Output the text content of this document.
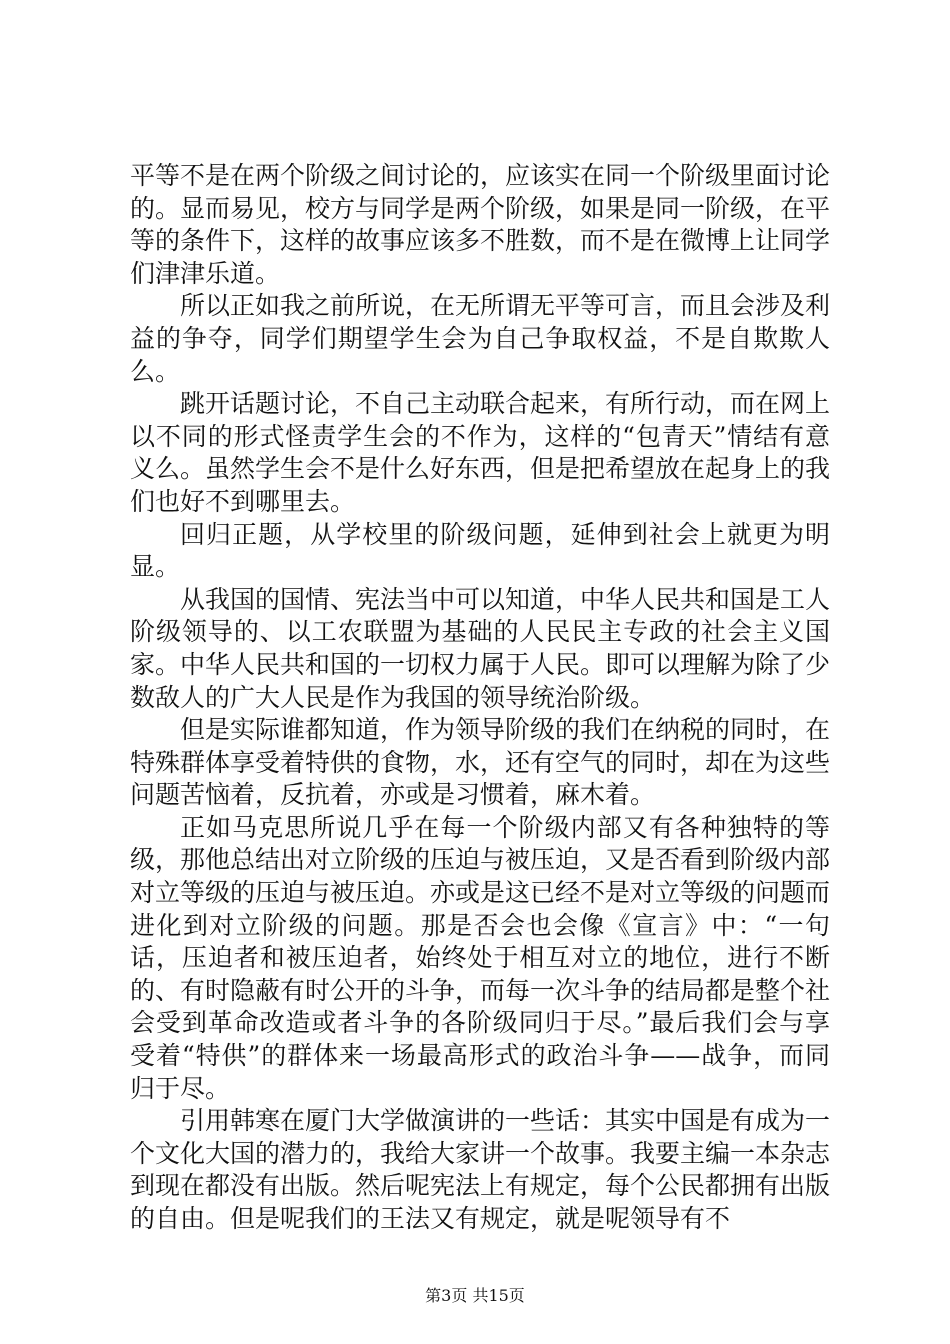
平等不是在两个阶级之间讨论的，应该实在同一个阶级里面讨论的。显而易见，校方与同学是两个阶级，如果是同一阶级，在平等的条件下，这样的故事应该多不胜数，而不是在微博上让同学们津津乐道。

所以正如我之前所说，在无所谓无平等可言，而且会涉及利益的争夺，同学们期望学生会为自己争取权益，不是自欺欺人么。

跳开话题讨论，不自己主动联合起来，有所行动，而在网上以不同的形式怪责学生会的不作为，这样的“包青天”情结有意义么。虽然学生会不是什么好东西，但是把希望放在起身上的我们也好不到哪里去。

回归正题，从学校里的阶级问题，延伸到社会上就更为明显。

从我国的国情、宪法当中可以知道，中华人民共和国是工人阶级领导的、以工农联盟为基础的人民民主专政的社会主义国家。中华人民共和国的一切权力属于人民。即可以理解为除了少数敌人的广大人民是作为我国的领导统治阶级。

但是实际谁都知道，作为领导阶级的我们在纳税的同时，在特殊群体享受着特供的食物，水，还有空气的同时，却在为这些问题苦恼着，反抗着，亦或是习惯着，麻木着。

正如马克思所说几乎在每一个阶级内部又有各种独特的等级，那他总结出对立阶级的压迫与被压迫，又是否看到阶级内部对立等级的压迫与被压迫。亦或是这已经不是对立等级的问题而进化到对立阶级的问题。那是否会也会像《宣言》中：“一句话，压迫者和被压迫者，始终处于相互对立的地位，进行不断的、有时隐蔽有时公开的斗争，而每一次斗争的结局都是整个社会受到革命改造或者斗争的各阶级同归于尽。”最后我们会与享受着“特供”的群体来一场最高形式的政治斗争——战争，而同归于尽。

引用韩寒在厦门大学做演讲的一些话：其实中国是有成为一个文化大国的潜力的，我给大家讲一个故事。我要主编一本杂志到现在都没有出版。然后呢宪法上有规定，每个公民都拥有出版的自由。但是呢我们的王法又有规定，就是呢领导有不

第3页 共15页
